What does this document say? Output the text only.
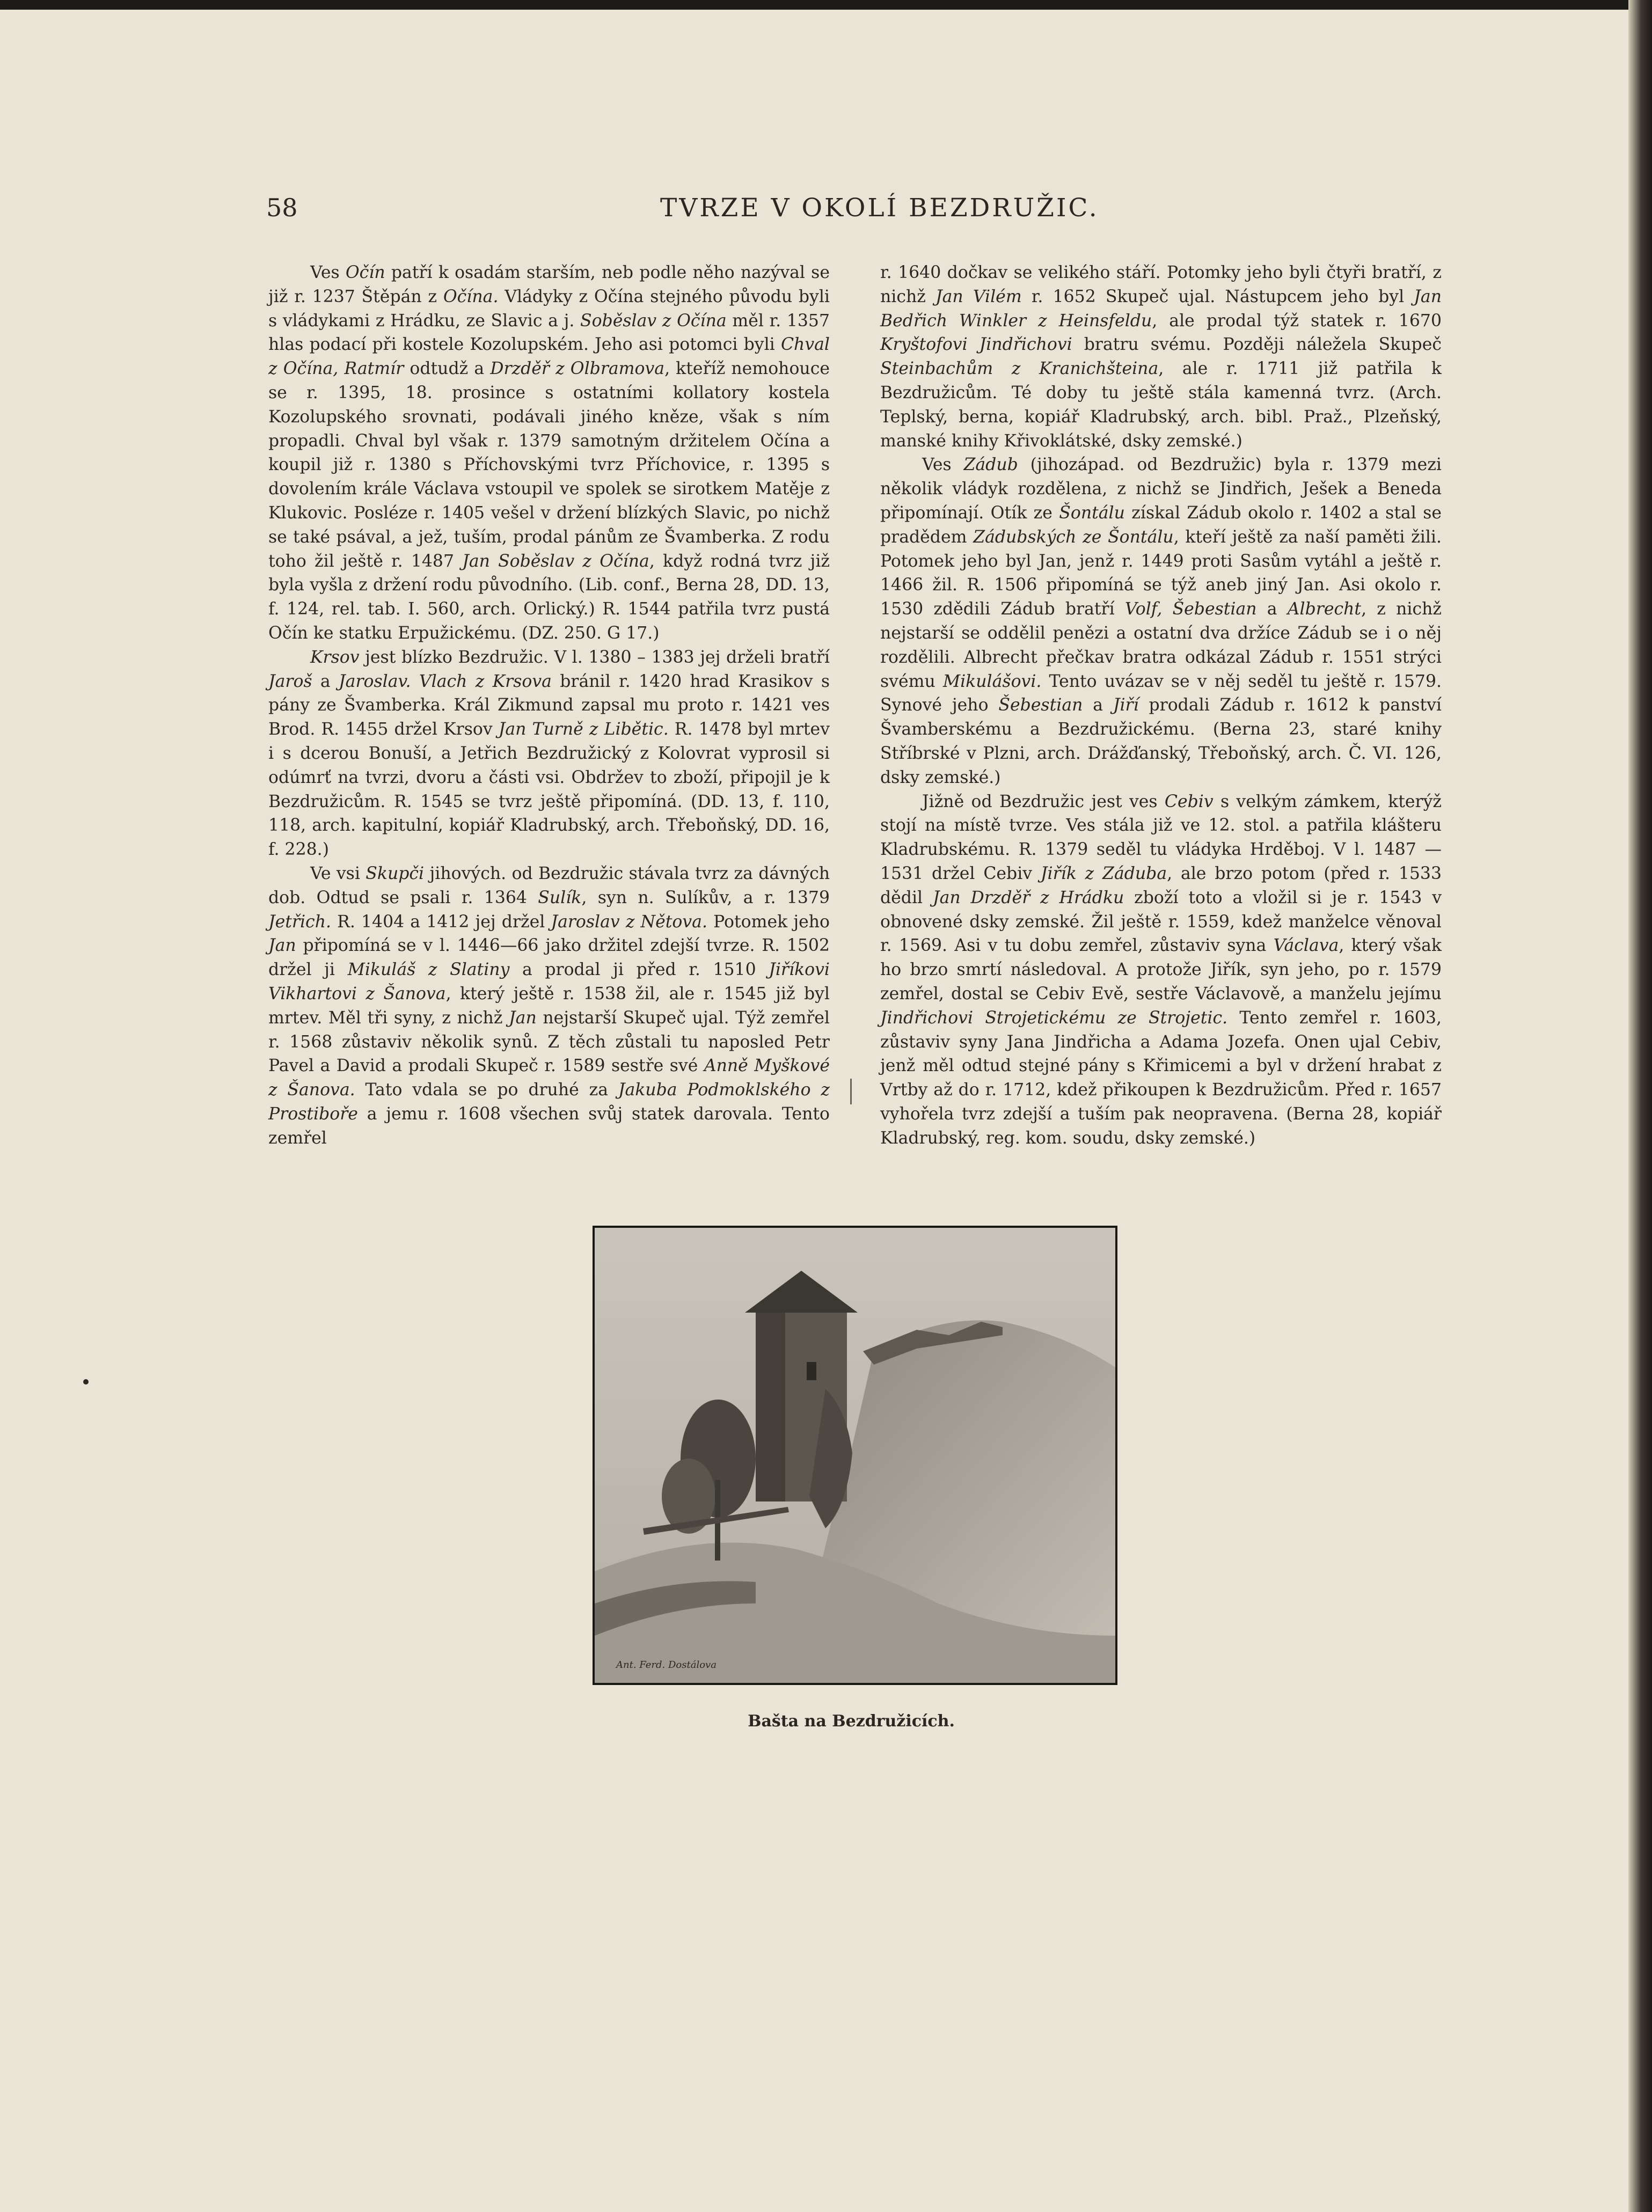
58	TVRZE V OKOLÍ BEZDRUŽIC.

Ves Očín patří k osadám starším, neb podle něho nazýval se již r. 1237 Štěpán z Očína. Vládyky z Očína stejného původu byli s vládykami z Hrádku, ze Slavic a j. Soběslav z Očína měl r. 1357 hlas podací při kostele Kozolupském. Jeho asi potomci byli Chval z Očína, Ratmír odtudž a Drzděř z Olbramova, kteříž nemohouce se r. 1395, 18. prosince s ostatními kollatory kostela Kozolupského srovnati, podávali jiného kněze, však s ním propadli. Chval byl však r. 1379 samotným držitelem Očína a koupil již r. 1380 s Příchovskými tvrz Příchovice, r. 1395 s dovolením krále Václava vstoupil ve spolek se sirotkem Matěje z Klukovic. Posléze r. 1405 vešel v držení blízkých Slavic, po nichž se také psával, a jež, tuším, prodal pánům ze Švamberka. Z rodu toho žil ještě r. 1487 Jan Soběslav z Očína, když rodná tvrz již byla vyšla z držení rodu původního. (Lib. conf., Berna 28, DD. 13, f. 124, rel. tab. I. 560, arch. Orlický.) R. 1544 patřila tvrz pustá Očín ke statku Erpužickému. (DZ. 250. G 17.)

Krsov jest blízko Bezdružic. V l. 1380 – 1383 jej drželi bratří Jaroš a Jaroslav. Vlach z Krsova bránil r. 1420 hrad Krasikov s pány ze Švamberka. Král Zikmund zapsal mu proto r. 1421 ves Brod. R. 1455 držel Krsov Jan Turně z Libětic. R. 1478 byl mrtev i s dcerou Bonuší, a Jetřich Bezdružický z Kolovrat vyprosil si odúmrť na tvrzi, dvoru a části vsi. Obdržev to zboží, připojil je k Bezdružicům. R. 1545 se tvrz ještě připomíná. (DD. 13, f. 110, 118, arch. kapitulní, kopiář Kladrubský, arch. Třeboňský, DD. 16, f. 228.)

Ve vsi Skupči jihových. od Bezdružic stávala tvrz za dávných dob. Odtud se psali r. 1364 Sulík, syn n. Sulíkův, a r. 1379 Jetřich. R. 1404 a 1412 jej držel Jaroslav z Nětova. Potomek jeho Jan připomíná se v l. 1446—66 jako držitel zdejší tvrze. R. 1502 držel ji Mikuláš z Slatiny a prodal ji před r. 1510 Jiříkovi Vikhartovi z Šanova, který ještě r. 1538 žil, ale r. 1545 již byl mrtev. Měl tři syny, z nichž Jan nejstarší Skupeč ujal. Týž zemřel r. 1568 zůstaviv několik synů. Z těch zůstali tu naposled Petr Pavel a David a prodali Skupeč r. 1589 sestře své Anně Myškové z Šanova. Tato vdala se po druhé za Jakuba Podmoklského z Prostiboře a jemu r. 1608 všechen svůj statek darovala. Tento zemřel

r. 1640 dočkav se velikého stáří. Potomky jeho byli čtyři bratří, z nichž Jan Vilém r. 1652 Skupeč ujal. Nástupcem jeho byl Jan Bedřich Winkler z Heinsfeldu, ale prodal týž statek r. 1670 Kryštofovi Jindřichovi bratru svému. Později náležela Skupeč Steinbachům z Kranichšteina, ale r. 1711 již patřila k Bezdružicům. Té doby tu ještě stála kamenná tvrz. (Arch. Teplský, berna, kopiář Kladrubský, arch. bibl. Praž., Plzeňský, manské knihy Křivoklátské, dsky zemské.)

Ves Zádub (jihozápad. od Bezdružic) byla r. 1379 mezi několik vládyk rozdělena, z nichž se Jindřich, Ješek a Beneda připomínají. Otík ze Šontálu získal Zádub okolo r. 1402 a stal se pradědem Zádubských ze Šontálu, kteří ještě za naší paměti žili. Potomek jeho byl Jan, jenž r. 1449 proti Sasům vytáhl a ještě r. 1466 žil. R. 1506 připomíná se týž aneb jiný Jan. Asi okolo r. 1530 zdědili Zádub bratří Volf, Šebestian a Albrecht, z nichž nejstarší se oddělil penězi a ostatní dva držíce Zádub se i o něj rozdělili. Albrecht přečkav bratra odkázal Zádub r. 1551 strýci svému Mikulášovi. Tento uvázav se v něj seděl tu ještě r. 1579. Synové jeho Šebestian a Jiří prodali Zádub r. 1612 k panství Švamberskému a Bezdružickému. (Berna 23, staré knihy Stříbrské v Plzni, arch. Drážďanský, Třeboňský, arch. Č. VI. 126, dsky zemské.)

Jižně od Bezdružic jest ves Cebiv s velkým zámkem, kterýž stojí na místě tvrze. Ves stála již ve 12. stol. a patřila klášteru Kladrubskému. R. 1379 seděl tu vládyka Hrděboj. V l. 1487 — 1531 držel Cebiv Jiřík z Záduba, ale brzo potom (před r. 1533 dědil Jan Drzděř z Hrádku zboží toto a vložil si je r. 1543 v obnovené dsky zemské. Žil ještě r. 1559, kdež manželce věnoval r. 1569. Asi v tu dobu zemřel, zůstaviv syna Václava, který však ho brzo smrtí následoval. A protože Jiřík, syn jeho, po r. 1579 zemřel, dostal se Cebiv Evě, sestře Václavově, a manželu jejímu Jindřichovi Strojetickému ze Strojetic. Tento zemřel r. 1603, zůstaviv syny Jana Jindřicha a Adama Jozefa. Onen ujal Cebiv, jenž měl odtud stejné pány s Křimicemi a byl v držení hrabat z Vrtby až do r. 1712, kdež přikoupen k Bezdružicům. Před r. 1657 vyhořela tvrz zdejší a tuším pak neopravena. (Berna 28, kopiář Kladrubský, reg. kom. soudu, dsky zemské.)

Ant. Ferd. Dostálova
Bašta na Bezdružicích.
